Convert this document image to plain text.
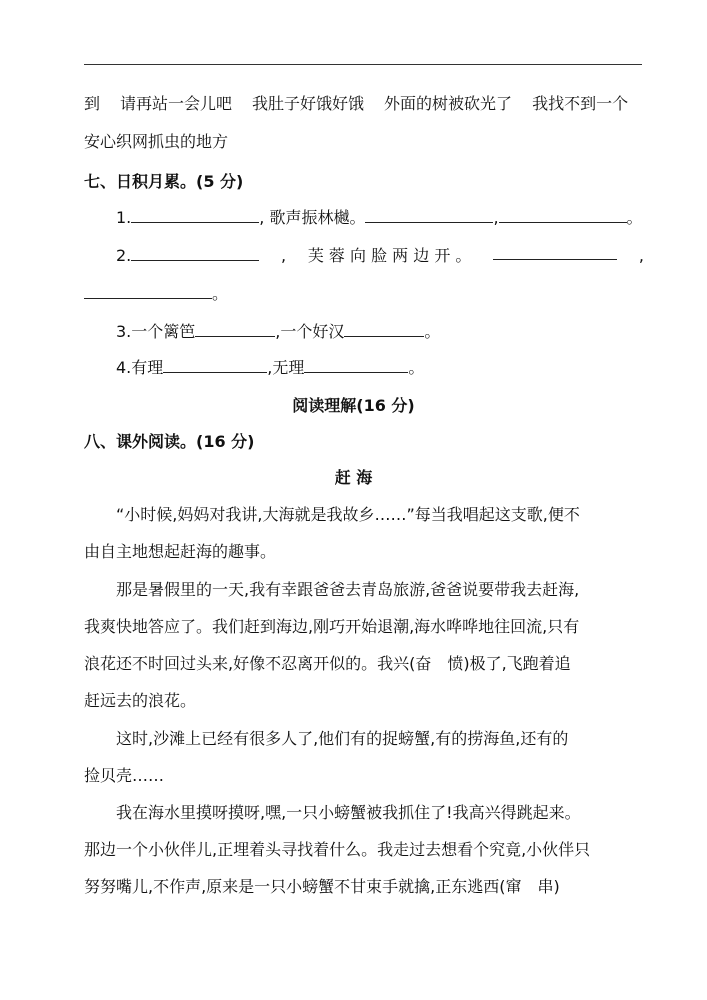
到 请再站一会儿吧 我肚子好饿好饿 外面的树被砍光了 我找不到一个
安心织网抓虫的地方
七、日积月累。(5 分)
1.	, 歌声振林樾。	,	。
2.	, 芙 蓉 向 脸 两 边 开 。	,
。
3.一个篱笆	,一个好汉	。
4.有理	,无理	。
阅读理解(16 分)
八、课外阅读。(16 分)
赶 海
“小时候,妈妈对我讲,大海就是我故乡……”每当我唱起这支歌,便不
由自主地想起赶海的趣事。
那是暑假里的一天,我有幸跟爸爸去青岛旅游,爸爸说要带我去赶海,
我爽快地答应了。我们赶到海边,刚巧开始退潮,海水哗哗地往回流,只有
浪花还不时回过头来,好像不忍离开似的。我兴(奋　愤)极了,飞跑着追
赶远去的浪花。
这时,沙滩上已经有很多人了,他们有的捉螃蟹,有的捞海鱼,还有的
捡贝壳……
我在海水里摸呀摸呀,嘿,一只小螃蟹被我抓住了!我高兴得跳起来。
那边一个小伙伴儿,正埋着头寻找着什么。我走过去想看个究竟,小伙伴只
努努嘴儿,不作声,原来是一只小螃蟹不甘束手就擒,正东逃西(窜　串)
